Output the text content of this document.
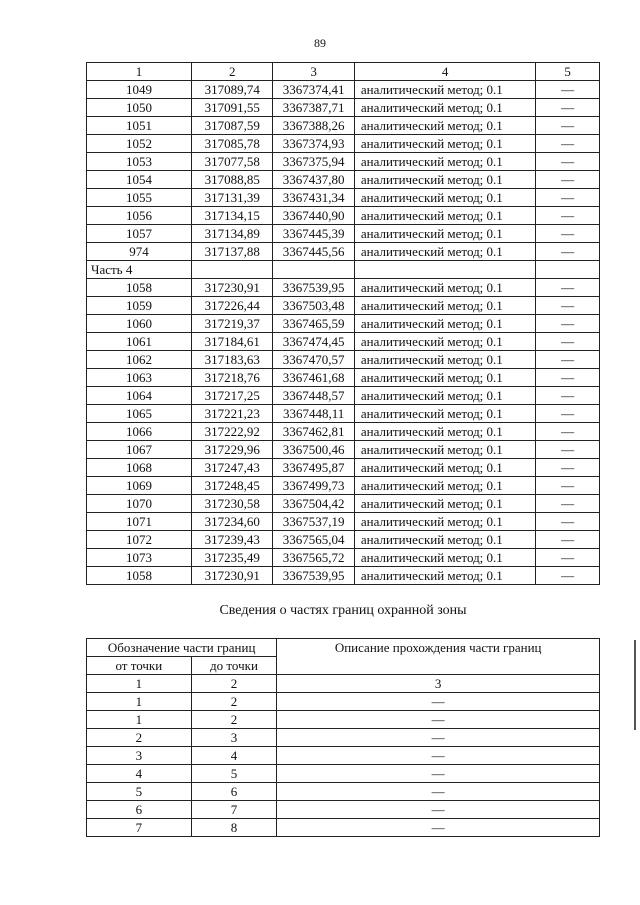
89
1	2	3	4	5
1049	317089,74	3367374,41	аналитический метод; 0.1	—
1050	317091,55	3367387,71	аналитический метод; 0.1	—
1051	317087,59	3367388,26	аналитический метод; 0.1	—
1052	317085,78	3367374,93	аналитический метод; 0.1	—
1053	317077,58	3367375,94	аналитический метод; 0.1	—
1054	317088,85	3367437,80	аналитический метод; 0.1	—
1055	317131,39	3367431,34	аналитический метод; 0.1	—
1056	317134,15	3367440,90	аналитический метод; 0.1	—
1057	317134,89	3367445,39	аналитический метод; 0.1	—
974	317137,88	3367445,56	аналитический метод; 0.1	—
Часть 4				
1058	317230,91	3367539,95	аналитический метод; 0.1	—
1059	317226,44	3367503,48	аналитический метод; 0.1	—
1060	317219,37	3367465,59	аналитический метод; 0.1	—
1061	317184,61	3367474,45	аналитический метод; 0.1	—
1062	317183,63	3367470,57	аналитический метод; 0.1	—
1063	317218,76	3367461,68	аналитический метод; 0.1	—
1064	317217,25	3367448,57	аналитический метод; 0.1	—
1065	317221,23	3367448,11	аналитический метод; 0.1	—
1066	317222,92	3367462,81	аналитический метод; 0.1	—
1067	317229,96	3367500,46	аналитический метод; 0.1	—
1068	317247,43	3367495,87	аналитический метод; 0.1	—
1069	317248,45	3367499,73	аналитический метод; 0.1	—
1070	317230,58	3367504,42	аналитический метод; 0.1	—
1071	317234,60	3367537,19	аналитический метод; 0.1	—
1072	317239,43	3367565,04	аналитический метод; 0.1	—
1073	317235,49	3367565,72	аналитический метод; 0.1	—
1058	317230,91	3367539,95	аналитический метод; 0.1	—
Сведения о частях границ охранной зоны
Обозначение части границ		Описание прохождения части границ
от точки	до точки	
1	2	3
1	2	—
1	2	—
2	3	—
3	4	—
4	5	—
5	6	—
6	7	—
7	8	—
